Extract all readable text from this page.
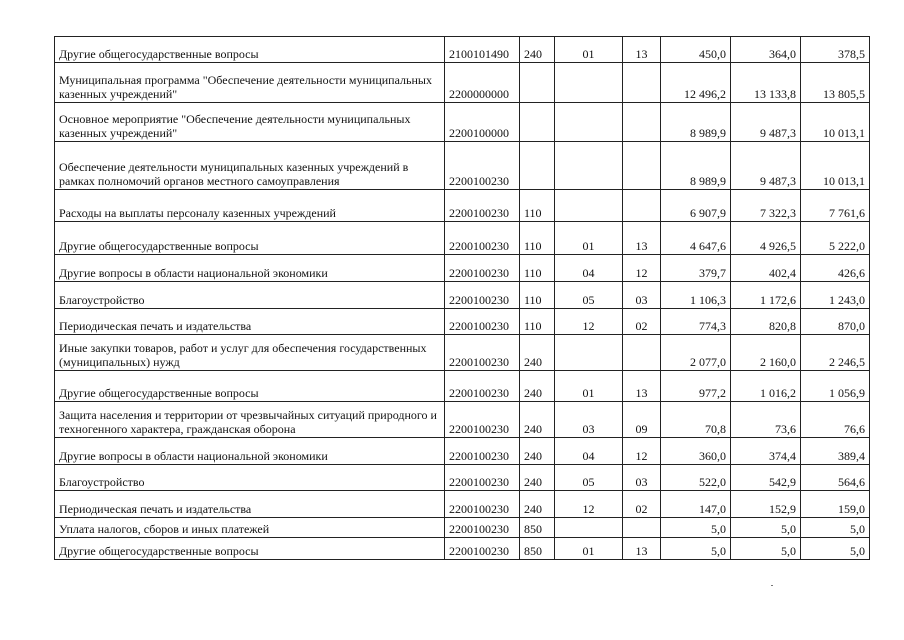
Другие общегосударственные вопросы	2100101490	240	01	13	450,0	364,0	378,5
Муниципальная программа "Обеспечение деятельности муниципальных казенных учреждений"	2200000000				12 496,2	13 133,8	13 805,5
Основное мероприятие "Обеспечение деятельности муниципальных казенных учреждений"	2200100000				8 989,9	9 487,3	10 013,1
Обеспечение деятельности муниципальных казенных учреждений в рамках полномочий органов местного самоуправления	2200100230				8 989,9	9 487,3	10 013,1
Расходы на выплаты персоналу казенных учреждений	2200100230	110			6 907,9	7 322,3	7 761,6
Другие общегосударственные вопросы	2200100230	110	01	13	4 647,6	4 926,5	5 222,0
Другие вопросы в области национальной экономики	2200100230	110	04	12	379,7	402,4	426,6
Благоустройство	2200100230	110	05	03	1 106,3	1 172,6	1 243,0
Периодическая печать и издательства	2200100230	110	12	02	774,3	820,8	870,0
Иные закупки товаров, работ и услуг для обеспечения государственных (муниципальных) нужд	2200100230	240			2 077,0	2 160,0	2 246,5
Другие общегосударственные вопросы	2200100230	240	01	13	977,2	1 016,2	1 056,9
Защита населения и территории от чрезвычайных ситуаций природного и техногенного характера, гражданская оборона	2200100230	240	03	09	70,8	73,6	76,6
Другие вопросы в области национальной экономики	2200100230	240	04	12	360,0	374,4	389,4
Благоустройство	2200100230	240	05	03	522,0	542,9	564,6
Периодическая печать и издательства	2200100230	240	12	02	147,0	152,9	159,0
Уплата налогов, сборов и иных платежей	2200100230	850			5,0	5,0	5,0
Другие общегосударственные вопросы	2200100230	850	01	13	5,0	5,0	5,0
